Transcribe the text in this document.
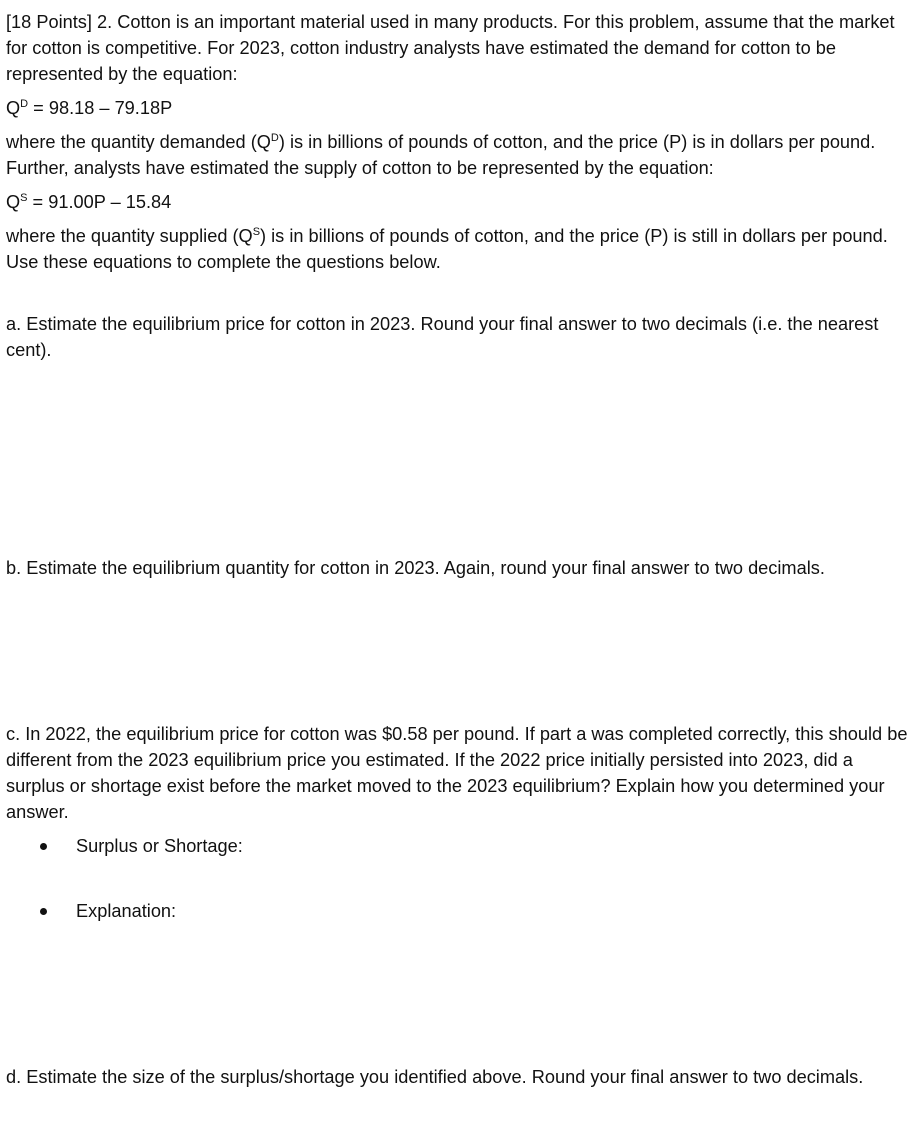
[18 Points] 2. Cotton is an important material used in many products. For this problem, assume that the market for cotton is competitive. For 2023, cotton industry analysts have estimated the demand for cotton to be represented by the equation:

$Q^D = 98.18 - 79.18P$

where the quantity demanded $(Q^D)$ is in billions of pounds of cotton, and the price (P) is in dollars per pound. Further, analysts have estimated the supply of cotton to be represented by the equation:

$Q^S = 91.00P - 15.84$

where the quantity supplied $(Q^S)$ is in billions of pounds of cotton, and the price (P) is still in dollars per pound. Use these equations to complete the questions below.

a. Estimate the equilibrium price for cotton in 2023. Round your final answer to two decimals (i.e. the nearest cent).

b. Estimate the equilibrium quantity for cotton in 2023. Again, round your final answer to two decimals.

c. In 2022, the equilibrium price for cotton was $0.58 per pound. If part a was completed correctly, this should be different from the 2023 equilibrium price you estimated. If the 2022 price initially persisted into 2023, did a surplus or shortage exist before the market moved to the 2023 equilibrium? Explain how you determined your answer.

Surplus or Shortage:
Explanation:

d. Estimate the size of the surplus/shortage you identified above. Round your final answer to two decimals.
